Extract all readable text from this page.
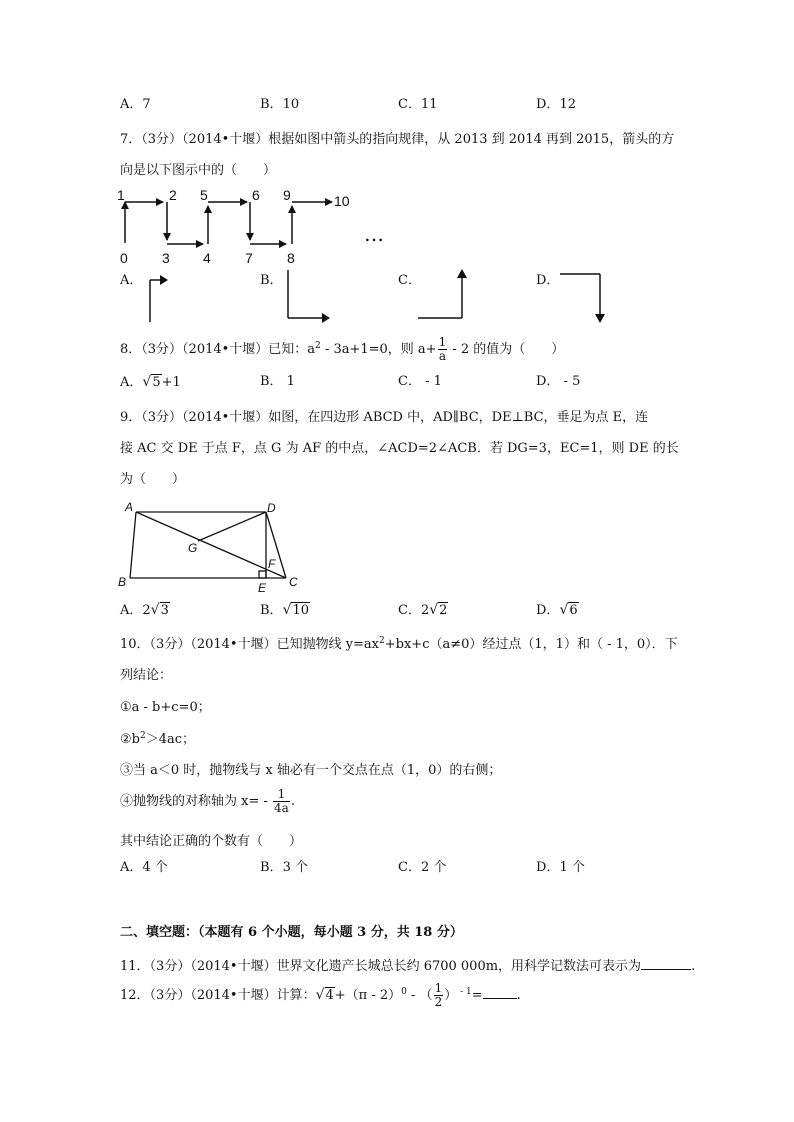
A．7	B．10	C．11	D．12
7．（3分）（2014•十堰）根据如图中箭头的指向规律，从 2013 到 2014 再到 2015，箭头的方
向是以下图示中的（　　）
1	2 5	6 9	10
0 3 4 7 8
…
A．	B．	C．	D．
8．（3分）（2014•十堰）已知：$a^2 - 3a+1=0$，则 $a+ \frac{1}{a} - 2$ 的值为（　　）
A．√5+1	B． 1	C． - 1	D． - 5
9．（3分）（2014•十堰）如图，在四边形 ABCD 中，AD∥BC，DE⊥BC，垂足为点 E，连
接 AC 交 DE 于点 F，点 G 为 AF 的中点，∠ACD=2∠ACB．若 DG=3，EC=1，则 DE 的长
为（　　）
A	D
G
F
B	E C
A．2√3	B．√10	C．2√2	D．√6
10．（3分）（2014•十堰）已知抛物线 $y=ax^2+bx+c(a\ne 0)$经过点（1，1）和（ - 1，0）．下
列结论：
①a - b+c=0；
$②b^2>4ac$；
③当 a＜0 时，抛物线与 x 轴必有一个交点在点（1，0）的右侧；
④抛物线的对称轴为 $x= - \frac{1}{4a}$ .
其中结论正确的个数有（　　）
A．4 个	B．3 个	C．2 个	D．1 个
二、填空题：（本题有 6 个小题，每小题 3 分，共 18 分）
11．（3分）（2014•十堰）世界文化遗产长城总长约 6700 000m，用科学记数法可表示为	.
12．（3分）（2014•十堰）计算：√4+（π - 2）$^0$ - （ $\frac{1}{2}$ ） $^{- 1}$=	.
